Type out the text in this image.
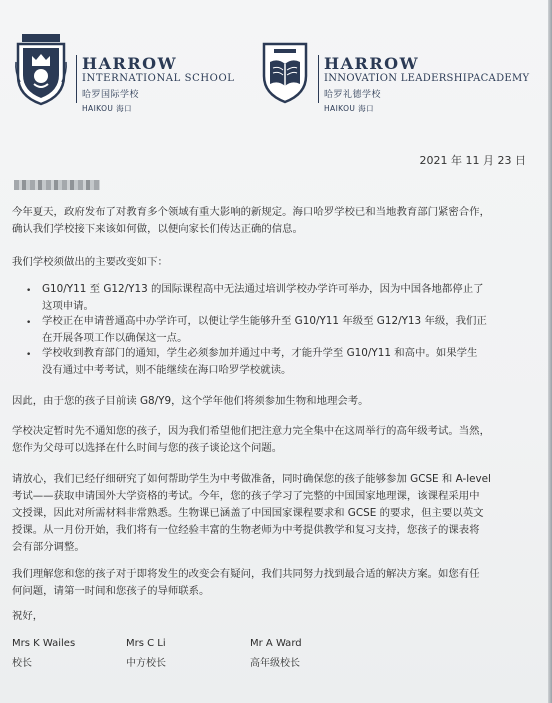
HARROW
INTERNATIONAL SCHOOL
哈罗国际学校
HAIKOU 海口
HARROW
INNOVATION LEADERSHIPACADEMY
哈罗礼德学校
HAIKOU 海口
2021 年 11 月 23 日
今年夏天，政府发布了对教育多个领域有重大影响的新规定。海口哈罗学校已和当地教育部门紧密合作，
确认我们学校接下来该如何做，以便向家长们传达正确的信息。
我们学校须做出的主要改变如下：
• G10/Y11 至 G12/Y13 的国际课程高中无法通过培训学校办学许可举办，因为中国各地都停止了
这项申请。
• 学校正在申请普通高中办学许可，以便让学生能够升至 G10/Y11 年级至 G12/Y13 年级，我们正
在开展各项工作以确保这一点。
• 学校收到教育部门的通知，学生必须参加并通过中考，才能升学至 G10/Y11 和高中。如果学生
没有通过中考考试，则不能继续在海口哈罗学校就读。
因此，由于您的孩子目前读 G8/Y9，这个学年他们将须参加生物和地理会考。
学校决定暂时先不通知您的孩子，因为我们希望他们把注意力完全集中在这周举行的高年级考试。当然，
您作为父母可以选择在什么时间与您的孩子谈论这个问题。
请放心，我们已经仔细研究了如何帮助学生为中考做准备，同时确保您的孩子能够参加 GCSE 和 A-level
考试——获取申请国外大学资格的考试。今年，您的孩子学习了完整的中国国家地理课，该课程采用中
文授课，因此对所需材料非常熟悉。生物课已涵盖了中国国家课程要求和 GCSE 的要求，但主要以英文
授课。从一月份开始，我们将有一位经验丰富的生物老师为中考提供教学和复习支持，您孩子的课表将
会有部分调整。
我们理解您和您的孩子对于即将发生的改变会有疑问，我们共同努力找到最合适的解决方案。如您有任
何问题，请第一时间和您孩子的导师联系。
祝好，
Mrs K Wailes
校长
Mrs C Li
中方校长
Mr A Ward
高年级校长
